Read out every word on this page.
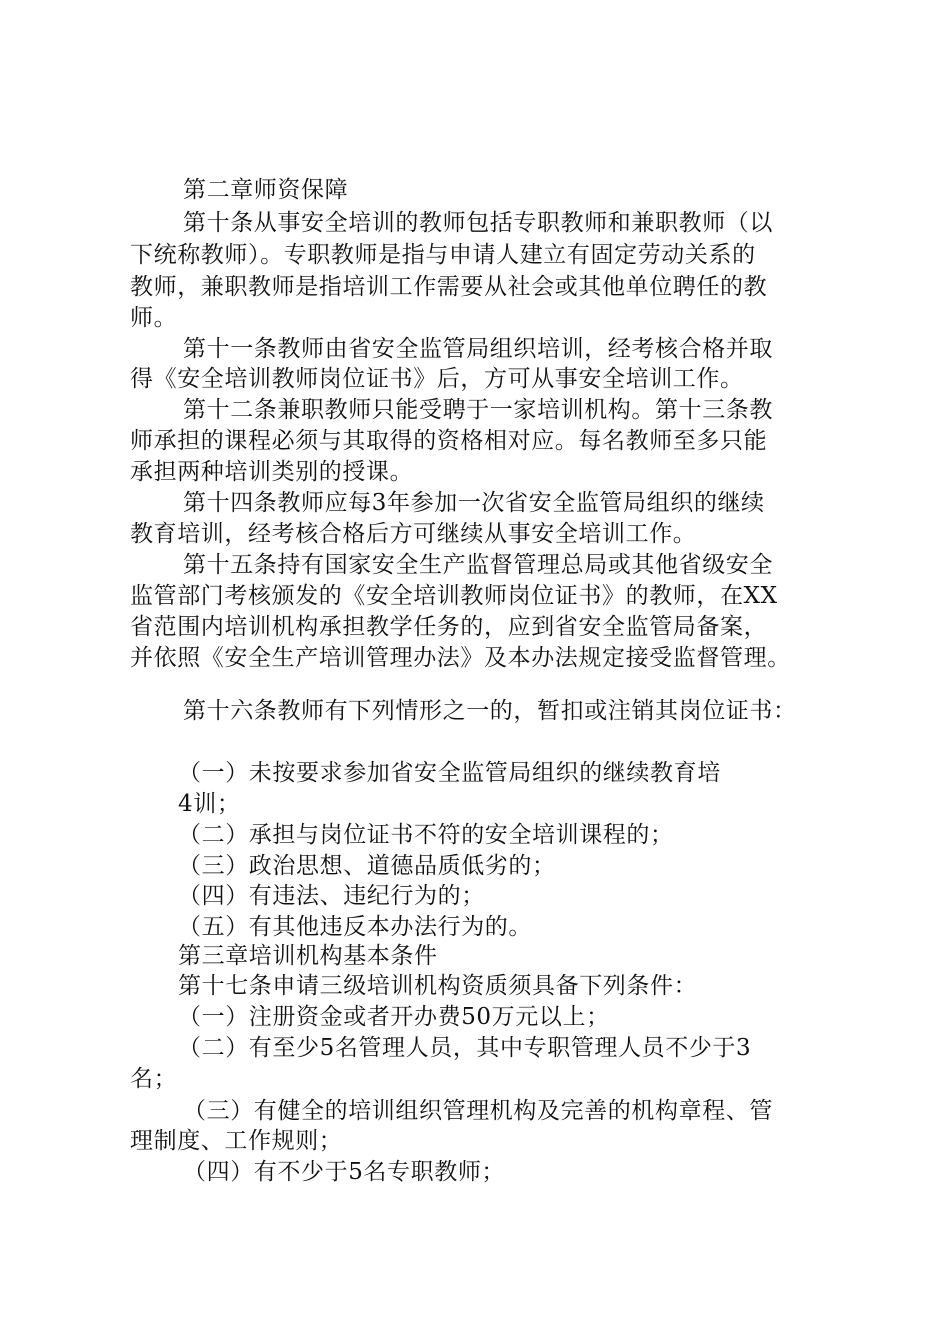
第二章师资保障
第十条从事安全培训的教师包括专职教师和兼职教师（以
下统称教师）。专职教师是指与申请人建立有固定劳动关系的
教师，兼职教师是指培训工作需要从社会或其他单位聘任的教
师。
第十一条教师由省安全监管局组织培训，经考核合格并取
得《安全培训教师岗位证书》后，方可从事安全培训工作。
第十二条兼职教师只能受聘于一家培训机构。第十三条教
师承担的课程必须与其取得的资格相对应。每名教师至多只能
承担两种培训类别的授课。
第十四条教师应每3年参加一次省安全监管局组织的继续
教育培训，经考核合格后方可继续从事安全培训工作。
第十五条持有国家安全生产监督管理总局或其他省级安全
监管部门考核颁发的《安全培训教师岗位证书》的教师，在XX
省范围内培训机构承担教学任务的，应到省安全监管局备案，
并依照《安全生产培训管理办法》及本办法规定接受监督管理。
第十六条教师有下列情形之一的，暂扣或注销其岗位证书：
（一）未按要求参加省安全监管局组织的继续教育培
4训；
（二）承担与岗位证书不符的安全培训课程的；
（三）政治思想、道德品质低劣的；
（四）有违法、违纪行为的；
（五）有其他违反本办法行为的。
第三章培训机构基本条件
第十七条申请三级培训机构资质须具备下列条件：
（一）注册资金或者开办费50万元以上；
（二）有至少5名管理人员，其中专职管理人员不少于3
名；
（三）有健全的培训组织管理机构及完善的机构章程、管
理制度、工作规则；
（四）有不少于5名专职教师；
